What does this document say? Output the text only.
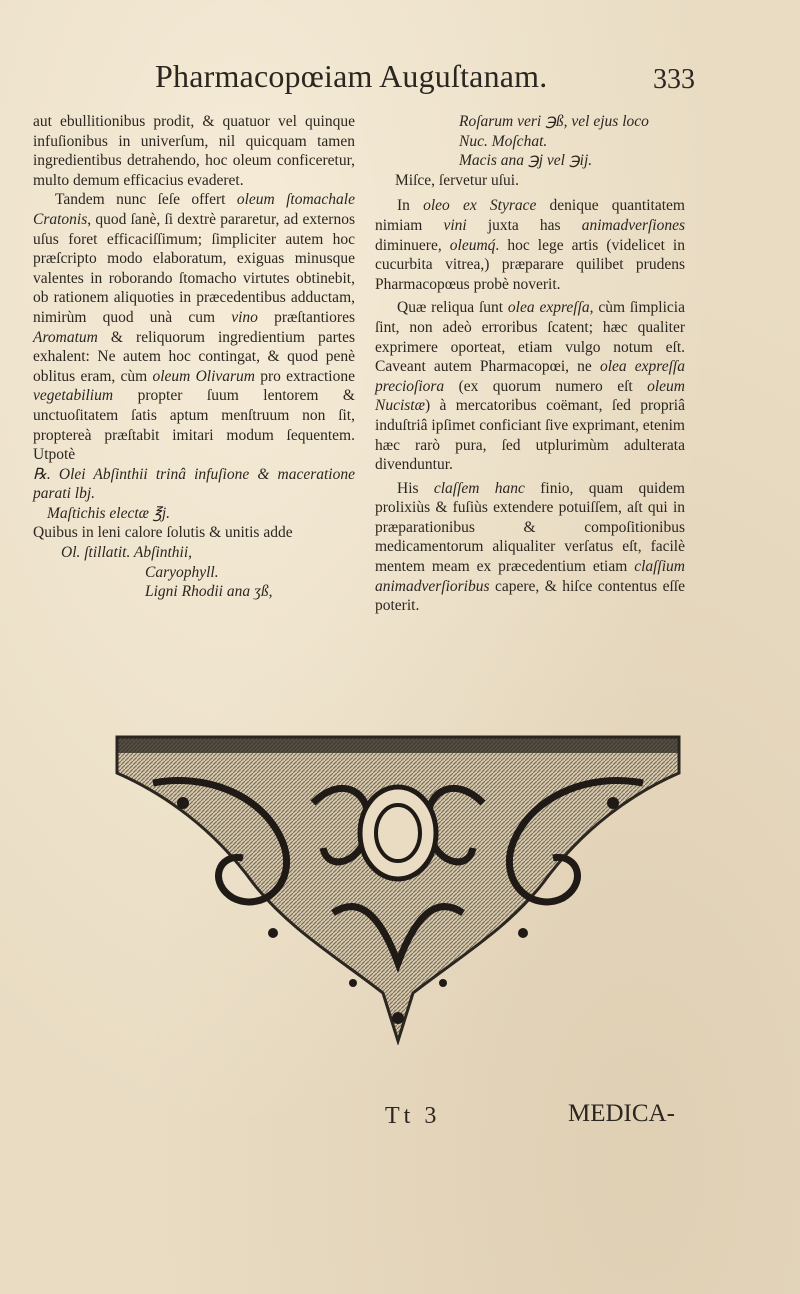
Pharmacopœiam Auguſtanam.	333

aut ebullitionibus prodit, & quatuor vel quinque infuſionibus in univerſum, nil quicquam tamen ingredientibus detrahendo, hoc oleum conficeretur, multo demum efficacius evaderet.

Tandem nunc ſeſe offert oleum ſtomachale Cratonis, quod ſanè, ſi dextrè pararetur, ad externos uſus foret efficaciſſimum; ſimpliciter autem hoc præſcripto modo elaboratum, exiguas minusque valentes in roborando ſtomacho virtutes obtinebit, ob rationem aliquoties in præcedentibus adductam, nimirùm quod unà cum vino præſtantiores Aromatum & reliquorum ingredientium partes exhalent: Ne autem hoc contingat, & quod penè oblitus eram, cùm oleum Olivarum pro extractione vegetabilium propter ſuum lentorem & unctuoſitatem ſatis aptum menſtruum non ſit, proptereà præſtabit imitari modum ſequentem. Utpotè

℞. Olei Abſinthii trinâ infuſione & maceratione parati lbj.

Maſtichis electæ ℥j.

Quibus in leni calore ſolutis & unitis adde

Ol. ſtillatit. Abſinthii,
Caryophyll.
Ligni Rhodii ana ʒß,
Roſarum veri ℈ß, vel ejus loco
Nuc. Moſchat.
Macis ana ℈j vel ℈ij.

Miſce, ſervetur uſui.

In oleo ex Styrace denique quantitatem nimiam vini juxta has animadverſiones diminuere, oleumq́. hoc lege artis (videlicet in cucurbita vitrea,) præparare quilibet prudens Pharmacopœus probè noverit.

Quæ reliqua ſunt olea expreſſa, cùm ſimplicia ſint, non adeò erroribus ſcatent; hæc qualiter exprimere oporteat, etiam vulgo notum eſt. Caveant autem Pharmacopœi, ne olea expreſſa precioſiora (ex quorum numero eſt oleum Nucistæ) à mercatoribus coëmant, ſed propriâ induſtriâ ipſimet conficiant ſive exprimant, etenim hæc rarò pura, ſed utplurimùm adulterata divenduntur.

His claſſem hanc finio, quam quidem prolixiùs & fuſiùs extendere potuiſſem, aſt qui in præparationibus & compoſitionibus medicamentorum aliqualiter verſatus eſt, facilè mentem meam ex præcedentium etiam claſſium animadverſioribus capere, & hiſce contentus eſſe poterit.

Tt 3	MEDICA-
